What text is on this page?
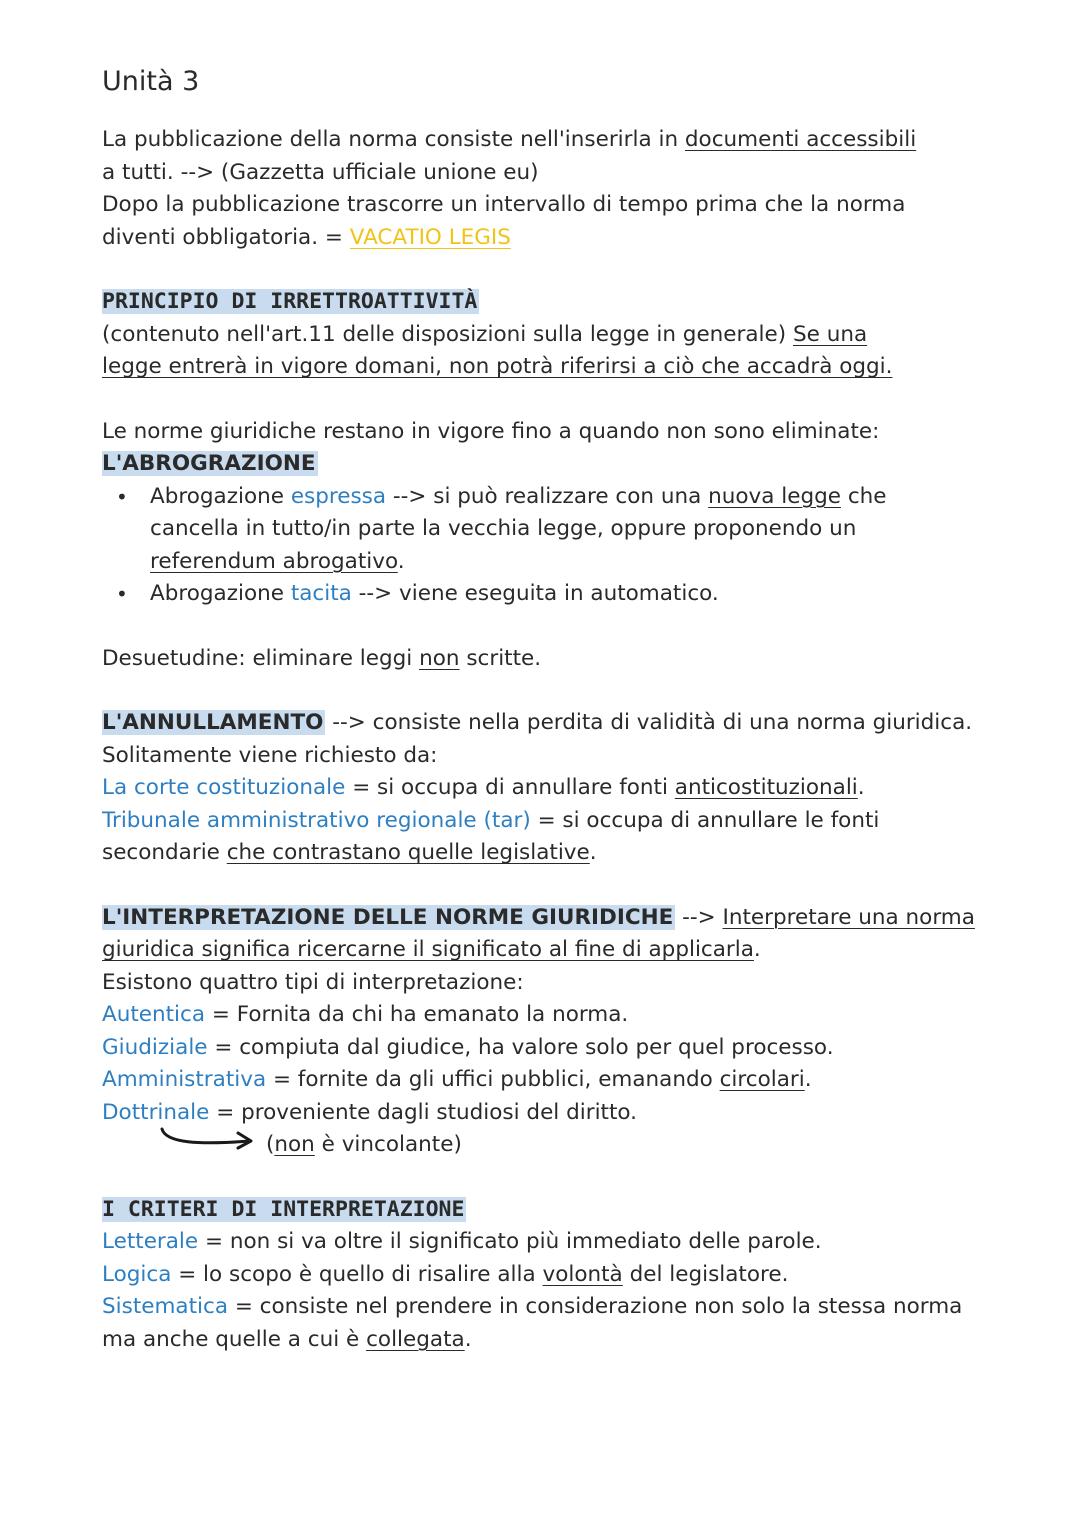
Unità 3

La pubblicazione della norma consiste nell'inserirla in documenti accessibili
a tutti. --> (Gazzetta ufficiale unione eu)
Dopo la pubblicazione trascorre un intervallo di tempo prima che la norma
diventi obbligatoria. = VACATIO LEGIS

PRINCIPIO DI IRRETTROATTIVITÀ
(contenuto nell'art.11 delle disposizioni sulla legge in generale) Se una
legge entrerà in vigore domani, non potrà riferirsi a ciò che accadrà oggi.

Le norme giuridiche restano in vigore fino a quando non sono eliminate:
L'ABROGRAZIONE

• Abrogazione espressa --> si può realizzare con una nuova legge che cancella in tutto/in parte la vecchia legge, oppure proponendo un referendum abrogativo.
• Abrogazione tacita --> viene eseguita in automatico.

Desuetudine: eliminare leggi non scritte.

L'ANNULLAMENTO --> consiste nella perdita di validità di una norma giuridica.
Solitamente viene richiesto da:
La corte costituzionale = si occupa di annullare fonti anticostituzionali.
Tribunale amministrativo regionale (tar) = si occupa di annullare le fonti secondarie che contrastano quelle legislative.

L'INTERPRETAZIONE DELLE NORME GIURIDICHE --> Interpretare una norma giuridica significa ricercarne il significato al fine di applicarla.
Esistono quattro tipi di interpretazione:
Autentica = Fornita da chi ha emanato la norma.
Giudiziale = compiuta dal giudice, ha valore solo per quel processo.
Amministrativa = fornite da gli uffici pubblici, emanando circolari.
Dottrinale = proveniente dagli studiosi del diritto.

(non è vincolante)

I CRITERI DI INTERPRETAZIONE
Letterale = non si va oltre il significato più immediato delle parole.
Logica = lo scopo è quello di risalire alla volontà del legislatore.
Sistematica = consiste nel prendere in considerazione non solo la stessa norma ma anche quelle a cui è collegata.
